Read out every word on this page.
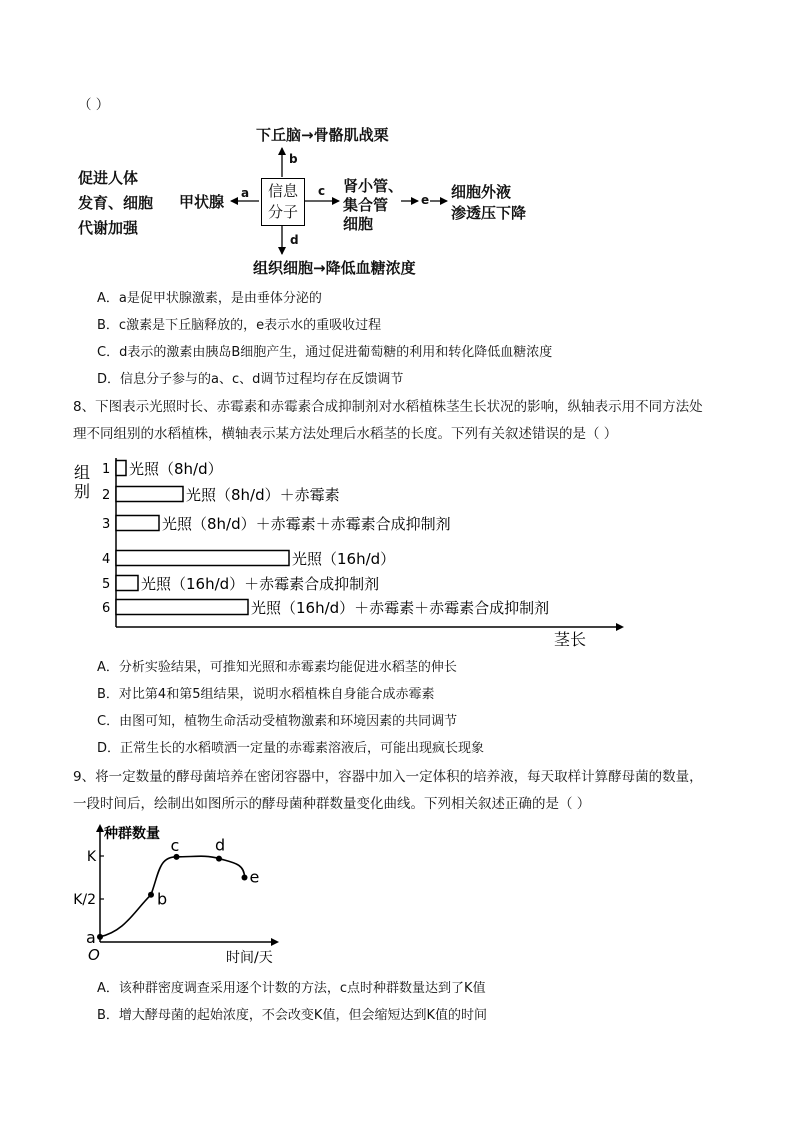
（ ）
下丘脑→骨骼肌战栗
b
促进人体
发育、细胞
代谢加强
甲状腺 a	信息
分子
c 肾小管、
集合管
细胞
e 细胞外液
渗透压下降
d
组织细胞→降低血糖浓度
A．a是促甲状腺激素，是由垂体分泌的
B．c激素是下丘脑释放的，e表示水的重吸收过程
C．d表示的激素由胰岛B细胞产生，通过促进葡萄糖的利用和转化降低血糖浓度
D．信息分子参与的a、c、d调节过程均存在反馈调节
8、下图表示光照时长、赤霉素和赤霉素合成抑制剂对水稻植株茎生长状况的影响，纵轴表示用不同方法处
理不同组别的水稻植株，横轴表示某方法处理后水稻茎的长度。下列有关叙述错误的是（ ）
组
别
茎长
1 光照（8h/d）
2	光照（8h/d）＋赤霉素
3	光照（8h/d）＋赤霉素＋赤霉素合成抑制剂
4	光照（16h/d）
5 光照（16h/d）＋赤霉素合成抑制剂
6	光照（16h/d）＋赤霉素＋赤霉素合成抑制剂
A．分析实验结果，可推知光照和赤霉素均能促进水稻茎的伸长
B．对比第4和第5组结果，说明水稻植株自身能合成赤霉素
C．由图可知，植物生命活动受植物激素和环境因素的共同调节
D．正常生长的水稻喷洒一定量的赤霉素溶液后，可能出现疯长现象
9、将一定数量的酵母菌培养在密闭容器中，容器中加入一定体积的培养液，每天取样计算酵母菌的数量，
一段时间后，绘制出如图所示的酵母菌种群数量变化曲线。下列相关叙述正确的是（ ）
K
K/2
a
b
c d
e
O
种群数量
时间/天
A．该种群密度调查采用逐个计数的方法，c点时种群数量达到了K值
B．增大酵母菌的起始浓度，不会改变K值，但会缩短达到K值的时间
